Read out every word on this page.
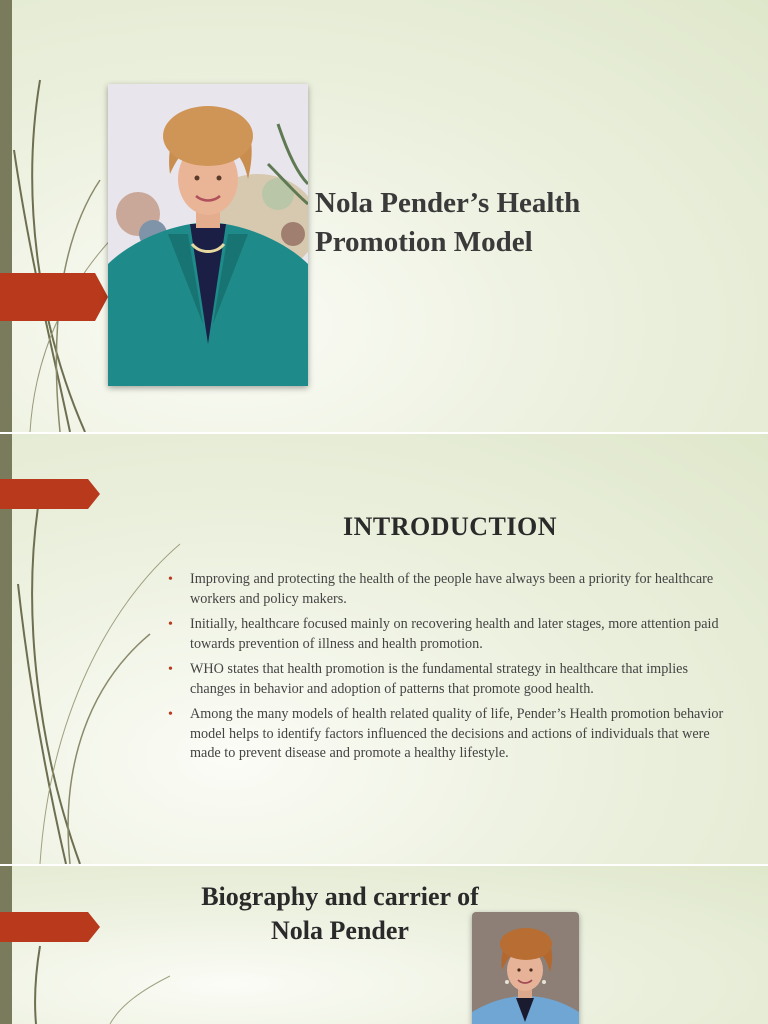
Nola Pender’s Health Promotion Model
INTRODUCTION
• Improving and protecting the health of the people have always been a priority for healthcare workers and policy makers.
• Initially, healthcare focused mainly on recovering health and later stages, more attention paid towards prevention of illness and health promotion.
• WHO states that health promotion is the fundamental strategy in healthcare that implies changes in behavior and adoption of patterns that promote good health.
• Among the many models of health related quality of life, Pender’s Health promotion behavior model helps to identify factors influenced the decisions and actions of individuals that were made to prevent disease and promote a healthy lifestyle.
Biography and carrier of
Nola Pender
